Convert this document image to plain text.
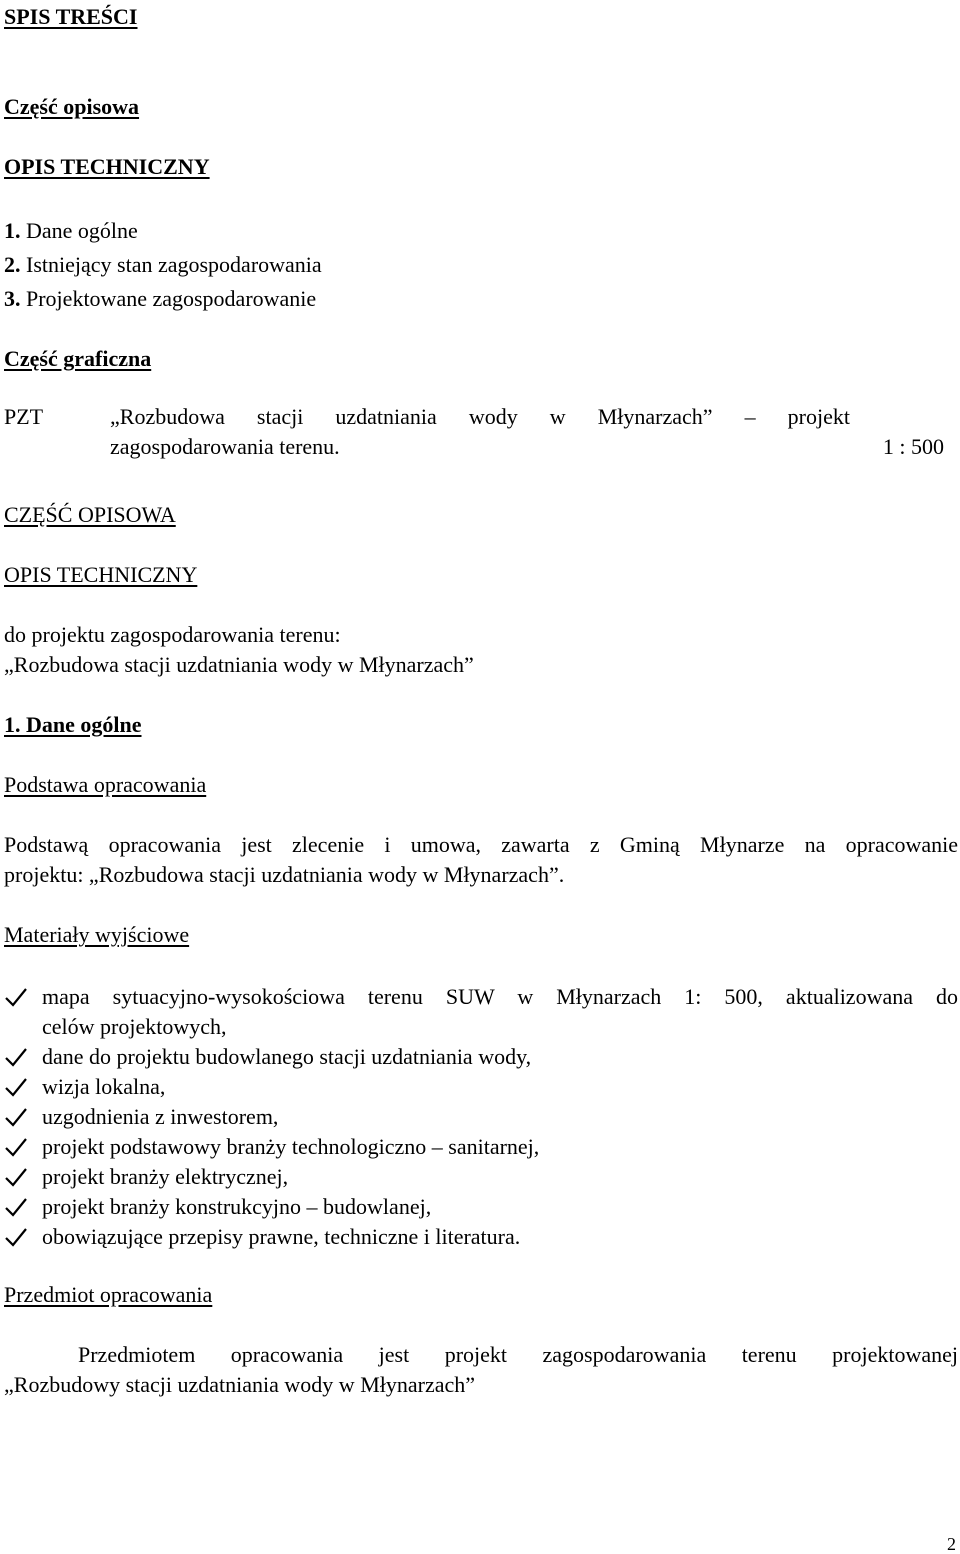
SPIS TREŚCI
Część opisowa
OPIS TECHNICZNY
1. Dane ogólne
2. Istniejący stan zagospodarowania
3. Projektowane zagospodarowanie
Część graficzna
PZT	„Rozbudowa stacji uzdatniania wody w Młynarzach” – projekt
zagospodarowania terenu.	1 : 500
CZĘŚĆ OPISOWA
OPIS TECHNICZNY
do projektu zagospodarowania terenu:
„Rozbudowa stacji uzdatniania wody w Młynarzach”
1. Dane ogólne
Podstawa opracowania
Podstawą opracowania jest zlecenie i umowa, zawarta z Gminą Młynarze na opracowanie
projektu: „Rozbudowa stacji uzdatniania wody w Młynarzach”.
Materiały wyjściowe
mapa sytuacyjno-wysokościowa terenu SUW w Młynarzach 1: 500, aktualizowana do
celów projektowych,
dane do projektu budowlanego stacji uzdatniania wody,
wizja lokalna,
uzgodnienia z inwestorem,
projekt podstawowy branży technologiczno – sanitarnej,
projekt branży elektrycznej,
projekt branży konstrukcyjno – budowlanej,
obowiązujące przepisy prawne, techniczne i literatura.
Przedmiot opracowania
Przedmiotem opracowania jest projekt zagospodarowania terenu projektowanej
„Rozbudowy stacji uzdatniania wody w Młynarzach”
2
